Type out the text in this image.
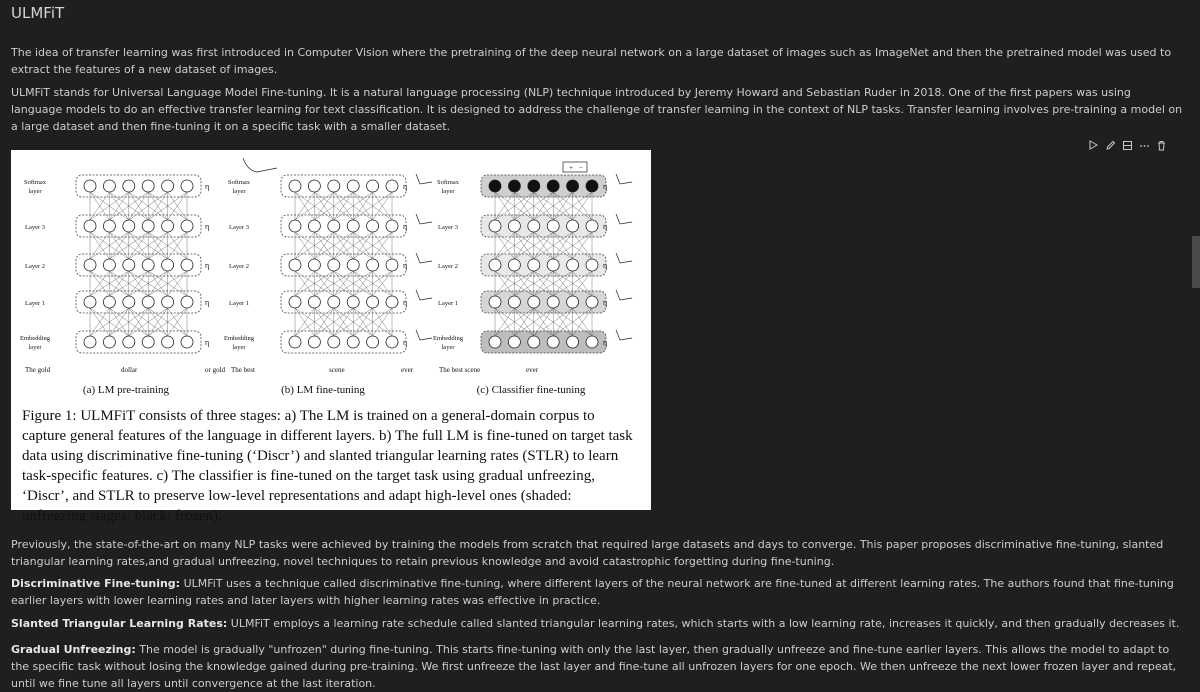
ULMFiT
The idea of transfer learning was first introduced in Computer Vision where the pretraining of the deep neural network on a large dataset of images such as ImageNet and then the pretrained model was used to extract the features of a new dataset of images.
ULMFiT stands for Universal Language Model Fine-tuning. It is a natural language processing (NLP) technique introduced by Jeremy Howard and Sebastian Ruder in 2018. One of the first papers was using language models to do an effective transfer learning for text classification. It is designed to address the challenge of transfer learning in the context of NLP tasks. Transfer learning involves pre-training a model on a large dataset and then fine-tuning it on a specific task with a smaller dataset.
Softmax
layer
η
Layer 3	η
Layer 2	η
Layer 1	η
Embedding
layer
η
The gold	dollar	or gold
(a) LM pre-training
Softmax
layer
η
Layer 3	η
Layer 2	η
Layer 1	η
Embedding
layer
η
The best	scene	ever
(b) LM fine-tuning
Softmax
layer
η
Layer 3	η
Layer 2	η
Layer 1	η
Embedding
layer
η
The best scene	ever
(c) Classifier fine-tuning
+ −
Figure 1: ULMFiT consists of three stages: a) The LM is trained on a general-domain corpus to capture general features of the language in different layers. b) The full LM is fine-tuned on target task data using discriminative fine-tuning (‘Discr’) and slanted triangular learning rates (STLR) to learn task-specific features. c) The classifier is fine-tuned on the target task using gradual unfreezing, ‘Discr’, and STLR to preserve low-level representations and adapt high-level ones (shaded: unfreezing stages; black: frozen).
Previously, the state-of-the-art on many NLP tasks were achieved by training the models from scratch that required large datasets and days to converge. This paper proposes discriminative fine-tuning, slanted triangular learning rates,and gradual unfreezing, novel techniques to retain previous knowledge and avoid catastrophic forgetting during fine-tuning.
Discriminative Fine-tuning: ULMFiT uses a technique called discriminative fine-tuning, where different layers of the neural network are fine-tuned at different learning rates. The authors found that fine-tuning earlier layers with lower learning rates and later layers with higher learning rates was effective in practice.
Slanted Triangular Learning Rates: ULMFiT employs a learning rate schedule called slanted triangular learning rates, which starts with a low learning rate, increases it quickly, and then gradually decreases it.
Gradual Unfreezing: The model is gradually "unfrozen" during fine-tuning. This starts fine-tuning with only the last layer, then gradually unfreeze and fine-tune earlier layers. This allows the model to adapt to the specific task without losing the knowledge gained during pre-training. We first unfreeze the last layer and fine-tune all unfrozen layers for one epoch. We then unfreeze the next lower frozen layer and repeat, until we fine tune all layers until convergence at the last iteration.
